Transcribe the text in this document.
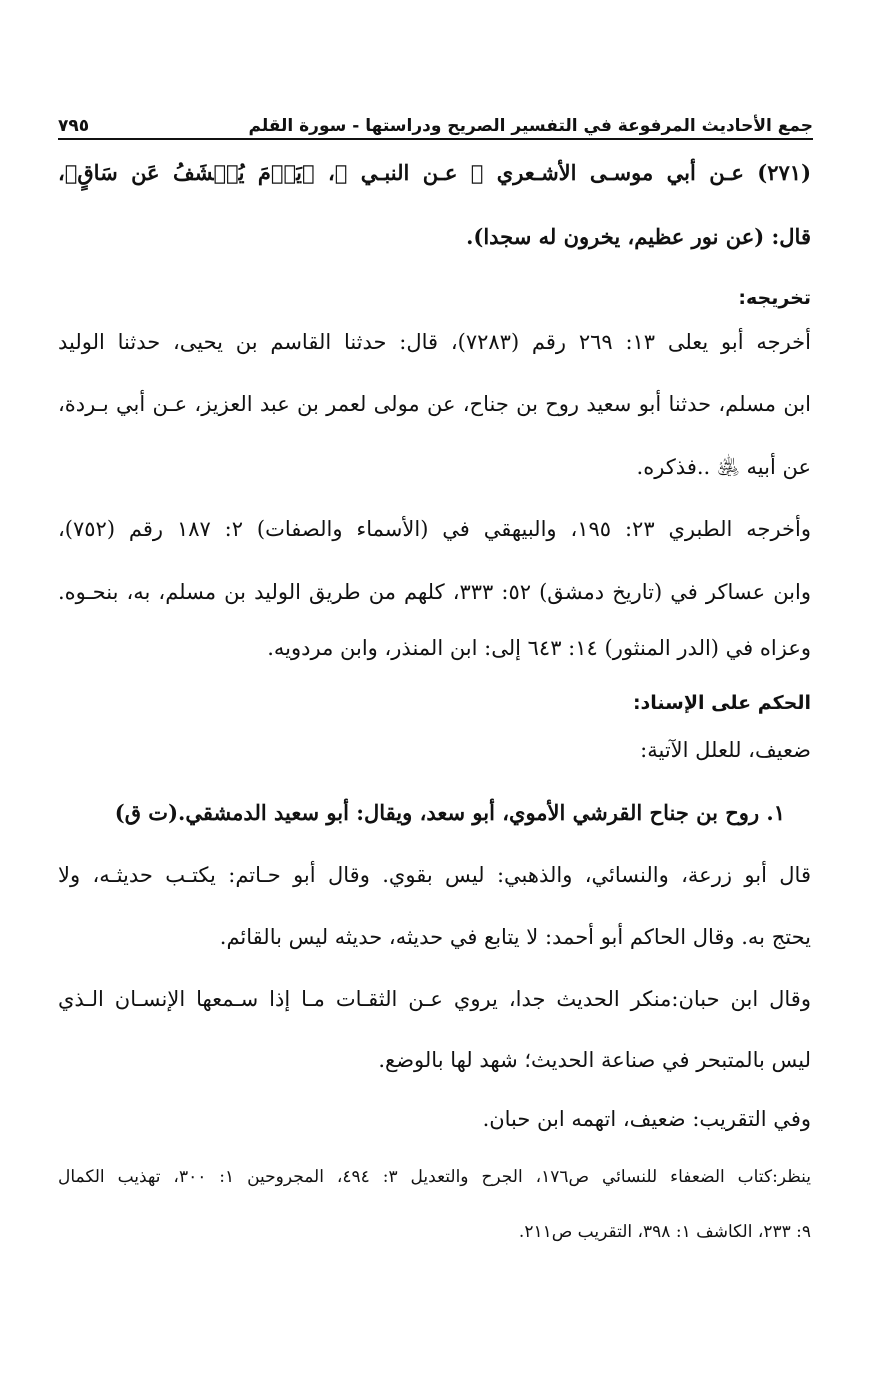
جمع الأحاديث المرفوعة في التفسير الصريح ودراستها - سورة القلم
٧٩٥
(٢٧١) عـن أبي موسـى الأشـعري ﵁ عـن النبـي ﷺ، ﴿يَوۡمَ يُكۡشَفُ عَن سَاقٍ﴾،
قال: (عن نور عظيم، يخرون له سجدا).
تخريجه:
أخرجه أبو يعلى ١٣: ٢٦٩ رقم (٧٢٨٣)، قال: حدثنا القاسم بن يحيى، حدثنا الوليد
ابن مسلم، حدثنا أبو سعيد روح بن جناح، عن مولى لعمر بن عبد العزيز، عـن أبي بـردة،
عن أبيه ﵁ ..فذكره.
وأخرجه الطبري ٢٣: ١٩٥، والبيهقي في (الأسماء والصفات) ٢: ١٨٧ رقم (٧٥٢)،
وابن عساكر في (تاريخ دمشق) ٥٢: ٣٣٣، كلهم من طريق الوليد بن مسلم، به، بنحـوه.
وعزاه في (الدر المنثور) ١٤: ٦٤٣ إلى: ابن المنذر، وابن مردويه.
الحكم على الإسناد:
ضعيف، للعلل الآتية:
١. روح بن جناح القرشي الأموي، أبو سعد، ويقال: أبو سعيد الدمشقي.(ت ق)
قال أبو زرعة، والنسائي، والذهبي: ليس بقوي. وقال أبو حـاتم: يكتـب حديثـه، ولا
يحتج به. وقال الحاكم أبو أحمد: لا يتابع في حديثه، حديثه ليس بالقائم.
وقال ابن حبان:منكر الحديث جدا، يروي عـن الثقـات مـا إذا سـمعها الإنسـان الـذي
ليس بالمتبحر في صناعة الحديث؛ شهد لها بالوضع.
وفي التقريب: ضعيف، اتهمه ابن حبان.
ينظر:كتاب الضعفاء للنسائي ص١٧٦، الجرح والتعديل ٣: ٤٩٤، المجروحين ١: ٣٠٠، تهذيب الكمال
٩: ٢٣٣، الكاشف ١: ٣٩٨، التقريب ص٢١١.
